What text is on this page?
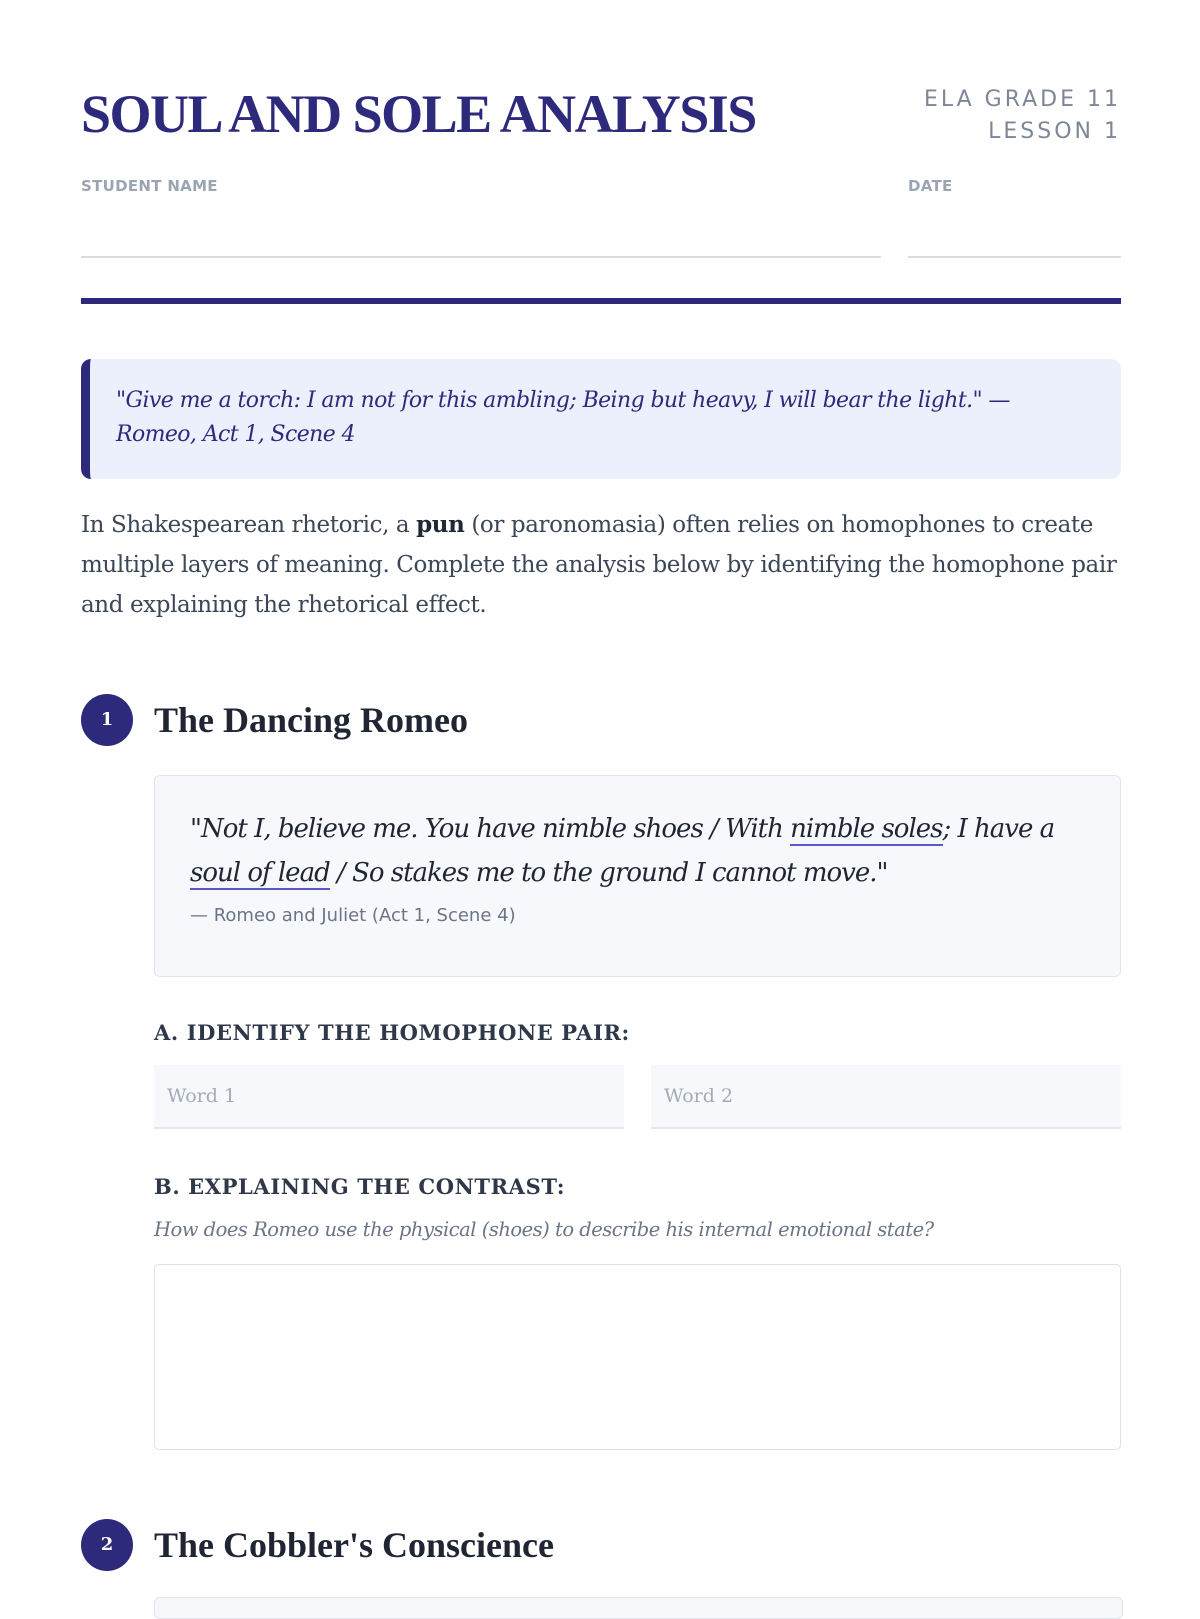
SOUL AND SOLE ANALYSIS	ELA GRADE 11
LESSON 1
STUDENT NAME	DATE
"Give me a torch: I am not for this ambling; Being but heavy, I will bear the light." — Romeo, Act 1, Scene 4

In Shakespearean rhetoric, a pun (or paronomasia) often relies on homophones to create multiple layers of meaning. Complete the analysis below by identifying the homophone pair and explaining the rhetorical effect.

1	The Dancing Romeo

"Not I, believe me. You have nimble shoes / With nimble soles; I have a soul of lead / So stakes me to the ground I cannot move."

— Romeo and Juliet (Act 1, Scene 4)
A. IDENTIFY THE HOMOPHONE PAIR:
Word 1
Word 2
B. EXPLAINING THE CONTRAST:
How does Romeo use the physical (shoes) to describe his internal emotional state?
2	The Cobbler's Conscience
